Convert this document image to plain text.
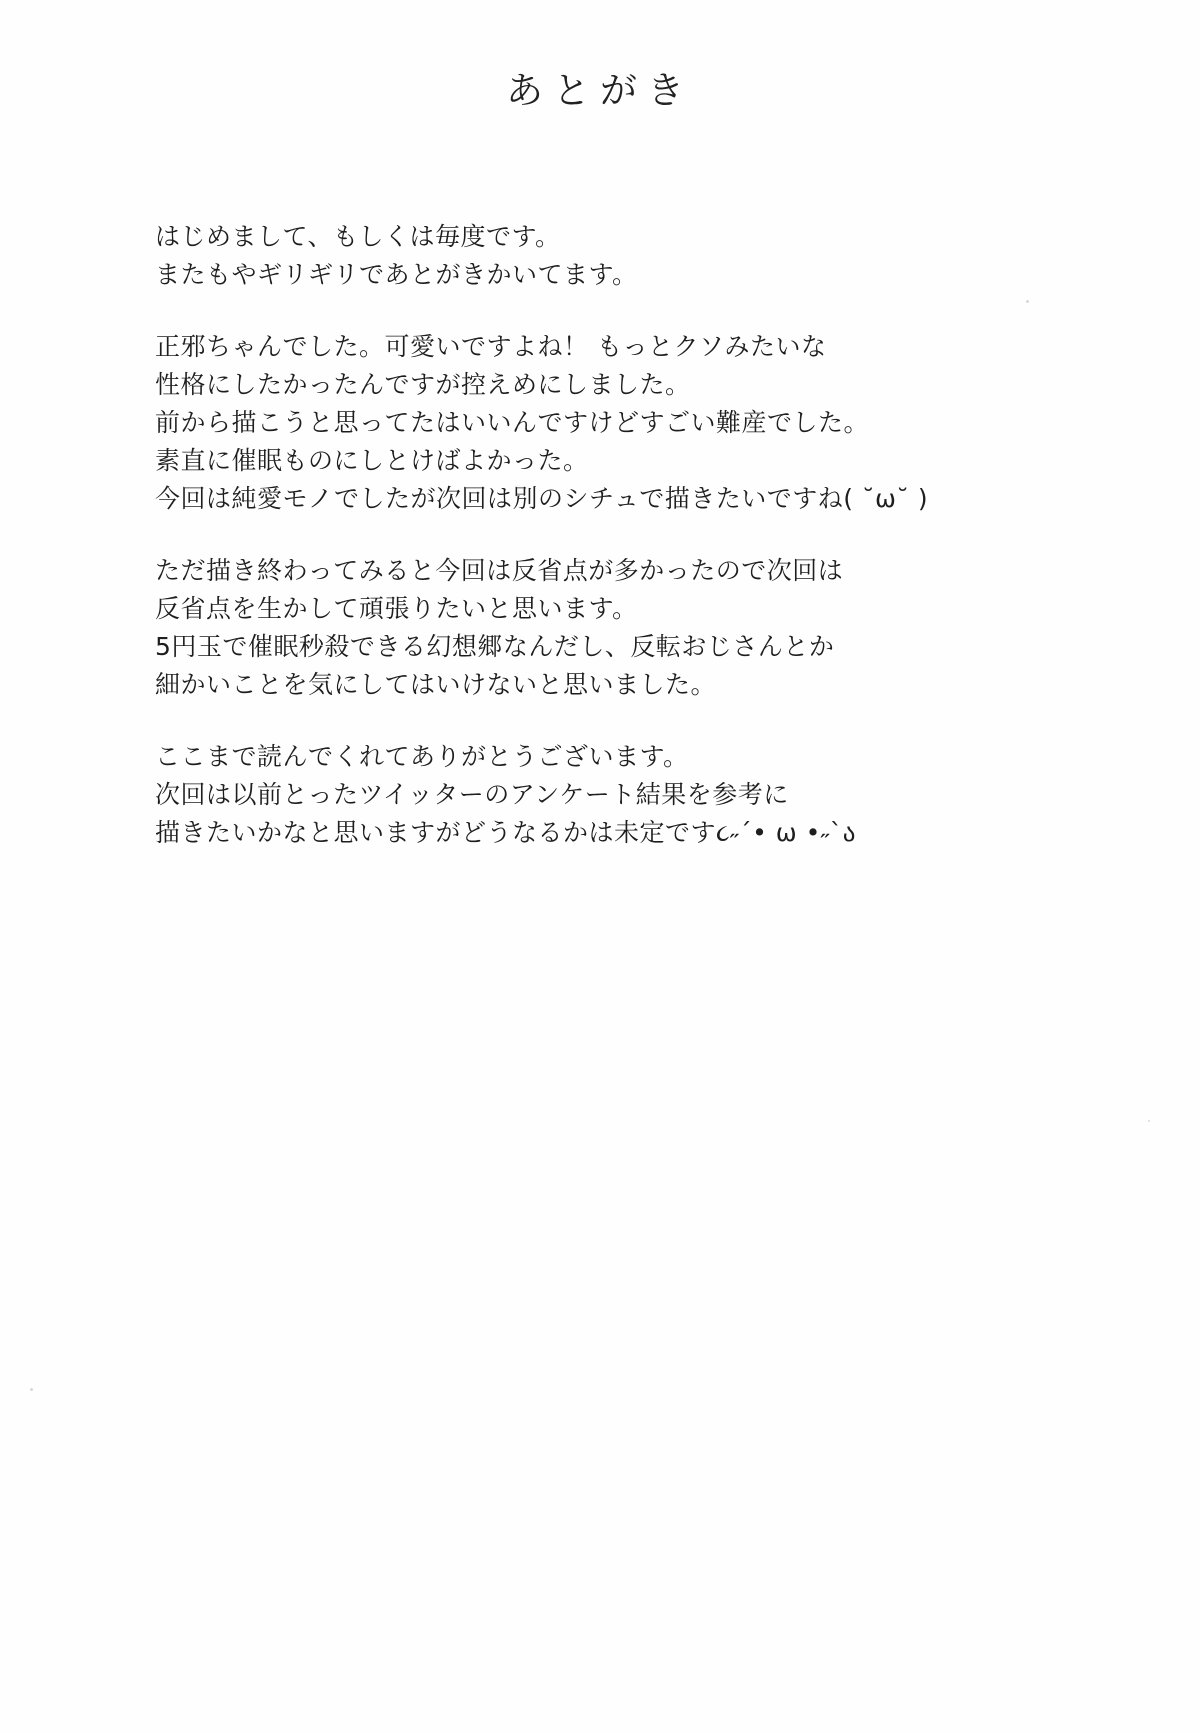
あとがき
はじめまして、もしくは毎度です。
またもやギリギリであとがきかいてます。
正邪ちゃんでした。可愛いですよね！ もっとクソみたいな
性格にしたかったんですが控えめにしました。
前から描こうと思ってたはいいんですけどすごい難産でした。
素直に催眠ものにしとけばよかった。
今回は純愛モノでしたが次回は別のシチュで描きたいですね( ˘ω˘ )
ただ描き終わってみると今回は反省点が多かったので次回は
反省点を生かして頑張りたいと思います。
5円玉で催眠秒殺できる幻想郷なんだし、反転おじさんとか
細かいことを気にしてはいけないと思いました。
ここまで読んでくれてありがとうございます。
次回は以前とったツイッターのアンケート結果を参考に
描きたいかなと思いますがどうなるかは未定です૮˶´• ω •˶`ა
